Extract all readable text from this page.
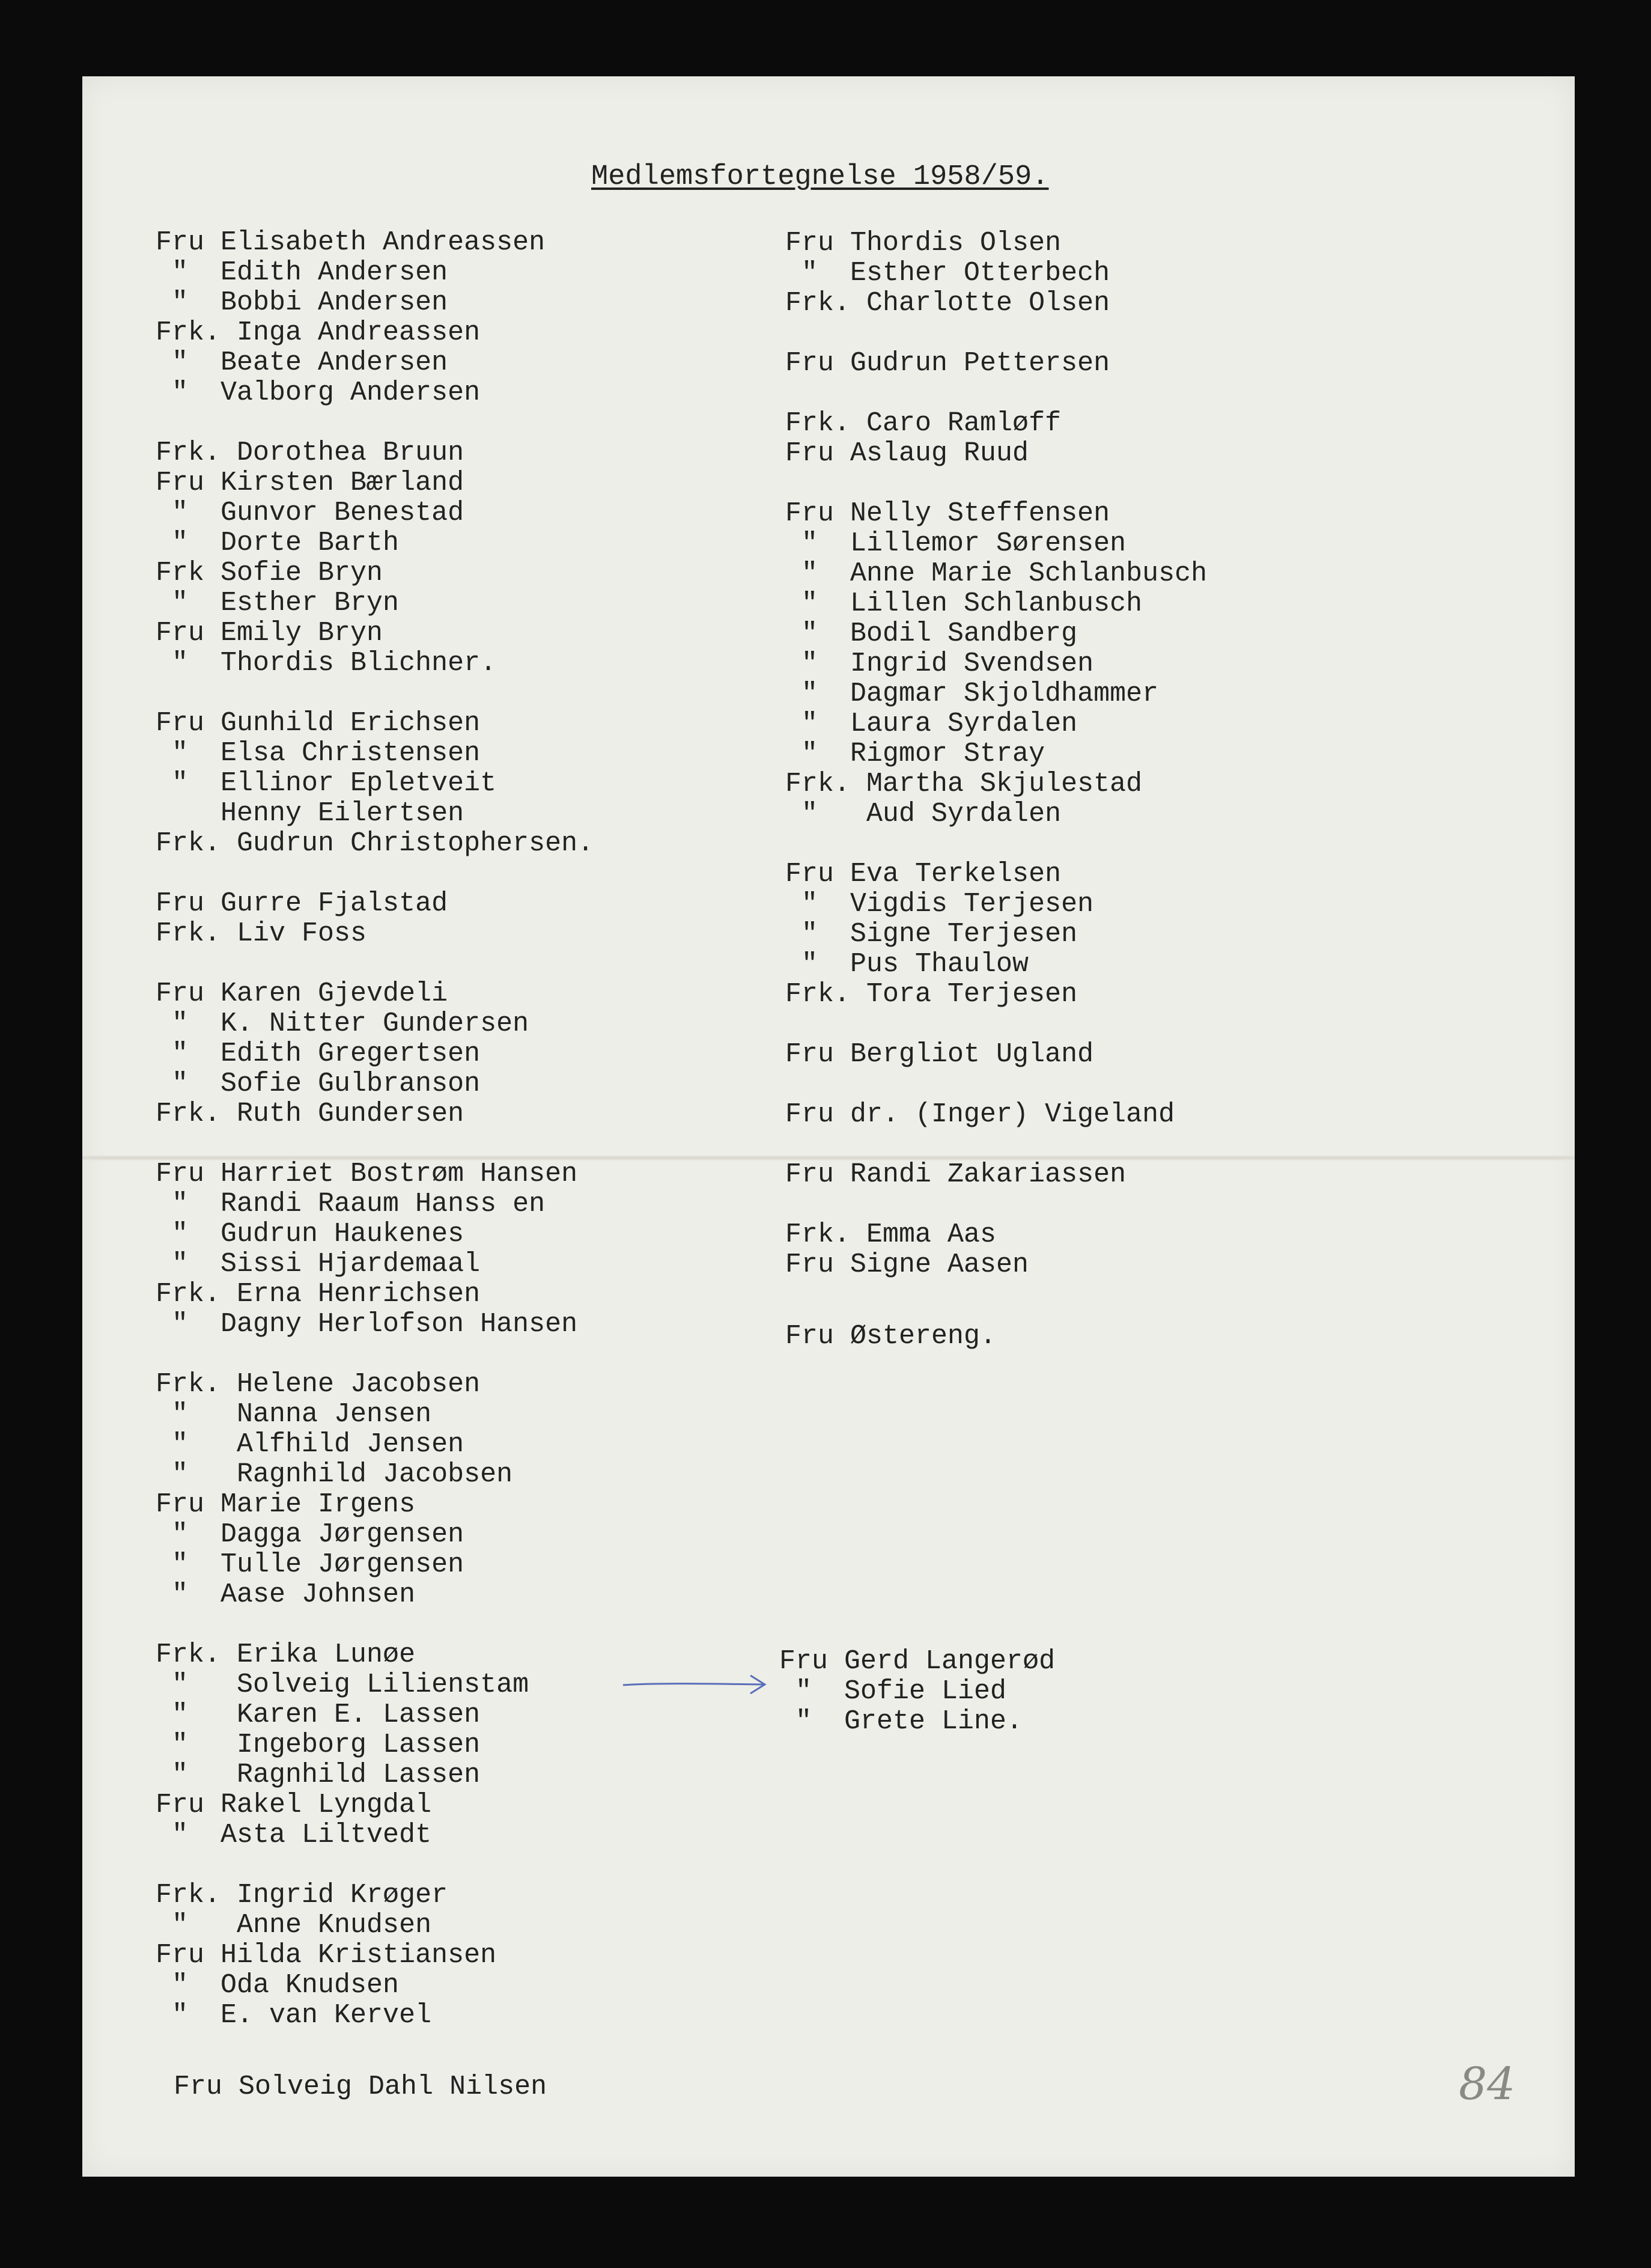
Medlemsfortegnelse 1958/59.
Fru Elisabeth Andreassen
"  Edith Andersen
"  Bobbi Andersen
Frk. Inga Andreassen
"  Beate Andersen
"  Valborg Andersen
Frk. Dorothea Bruun
Fru Kirsten Bærland
"  Gunvor Benestad
"  Dorte Barth
Frk Sofie Bryn
"  Esther Bryn
Fru Emily Bryn
"  Thordis Blichner.
Fru Gunhild Erichsen
"  Elsa Christensen
"  Ellinor Epletveit
Henny Eilertsen
Frk. Gudrun Christophersen.
Fru Gurre Fjalstad
Frk. Liv Foss
Fru Karen Gjevdeli
"  K. Nitter Gundersen
"  Edith Gregertsen
"  Sofie Gulbranson
Frk. Ruth Gundersen
Fru Harriet Bostrøm Hansen
"  Randi Raaum Hanss en
"  Gudrun Haukenes
"  Sissi Hjardemaal
Frk. Erna Henrichsen
"  Dagny Herlofson Hansen
Frk. Helene Jacobsen
"   Nanna Jensen
"   Alfhild Jensen
"   Ragnhild Jacobsen
Fru Marie Irgens
"  Dagga Jørgensen
"  Tulle Jørgensen
"  Aase Johnsen
Frk. Erika Lunøe
"   Solveig Lilienstam
"   Karen E. Lassen
"   Ingeborg Lassen
"   Ragnhild Lassen
Fru Rakel Lyngdal
"  Asta Liltvedt
Frk. Ingrid Krøger
"   Anne Knudsen
Fru Hilda Kristiansen
"  Oda Knudsen
"  E. van Kervel

Fru Solveig Dahl Nilsen

Fru Thordis Olsen
"  Esther Otterbech
Frk. Charlotte Olsen
Fru Gudrun Pettersen
Frk. Caro Ramløff
Fru Aslaug Ruud
Fru Nelly Steffensen
"  Lillemor Sørensen
"  Anne Marie Schlanbusch
"  Lillen Schlanbusch
"  Bodil Sandberg
"  Ingrid Svendsen
"  Dagmar Skjoldhammer
"  Laura Syrdalen
"  Rigmor Stray
Frk. Martha Skjulestad
"   Aud Syrdalen
Fru Eva Terkelsen
"  Vigdis Terjesen
"  Signe Terjesen
"  Pus Thaulow
Frk. Tora Terjesen
Fru Bergliot Ugland
Fru dr. (Inger) Vigeland
Fru Randi Zakariassen
Frk. Emma Aas
Fru Signe Aasen

Fru Østereng.

Fru Gerd Langerød
"  Sofie Lied
"  Grete Line.
84
